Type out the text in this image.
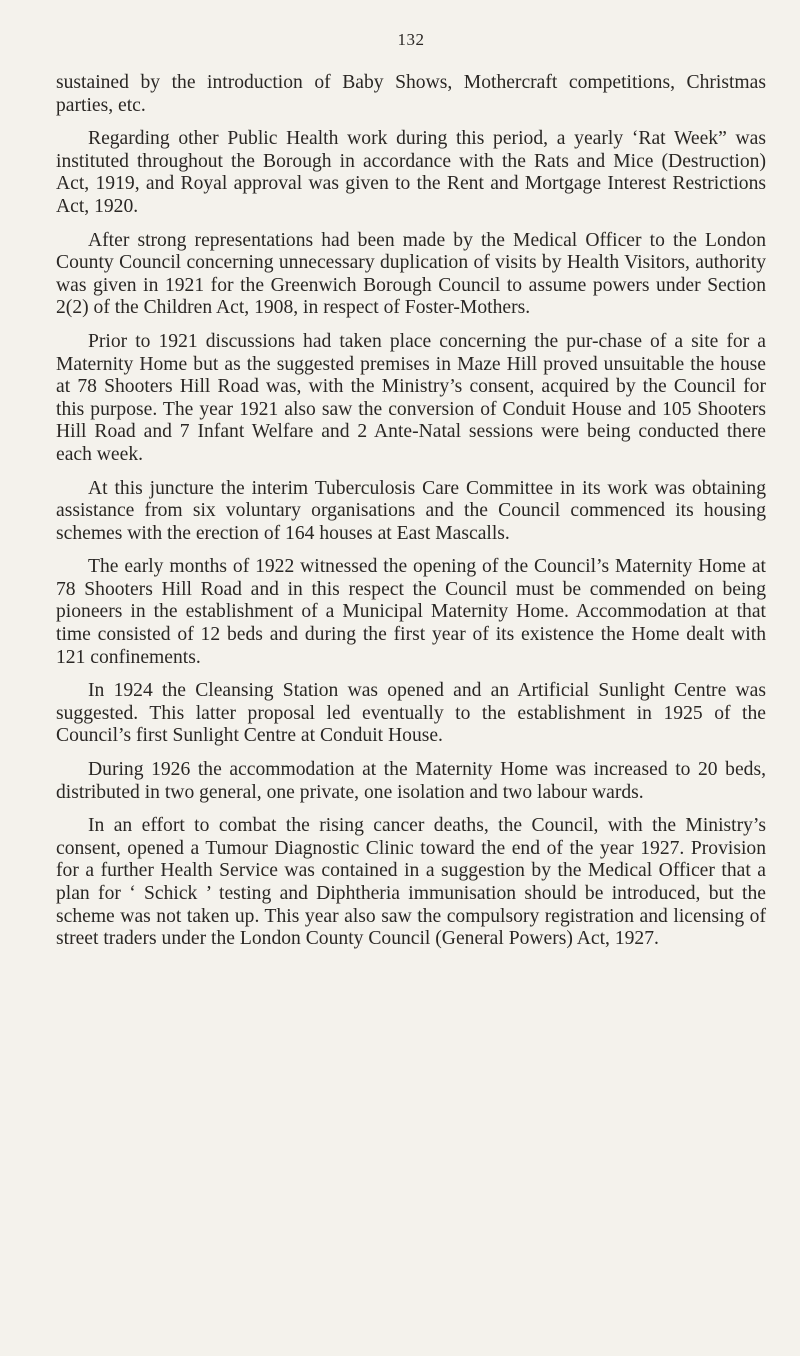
132

sustained by the introduction of Baby Shows, Mothercraft competitions, Christmas parties, etc.

Regarding other Public Health work during this period, a yearly ‘Rat Week” was instituted throughout the Borough in accordance with the Rats and Mice (Destruction) Act, 1919, and Royal approval was given to the Rent and Mortgage Interest Restrictions Act, 1920.

After strong representations had been made by the Medical Officer to the London County Council concerning unnecessary duplication of visits by Health Visitors, authority was given in 1921 for the Greenwich Borough Council to assume powers under Section 2(2) of the Children Act, 1908, in respect of Foster-Mothers.

Prior to 1921 discussions had taken place concerning the pur-chase of a site for a Maternity Home but as the suggested premises in Maze Hill proved unsuitable the house at 78 Shooters Hill Road was, with the Ministry’s consent, acquired by the Council for this purpose. The year 1921 also saw the conversion of Conduit House and 105 Shooters Hill Road and 7 Infant Welfare and 2 Ante-Natal sessions were being conducted there each week.

At this juncture the interim Tuberculosis Care Committee in its work was obtaining assistance from six voluntary organisations and the Council commenced its housing schemes with the erection of 164 houses at East Mascalls.

The early months of 1922 witnessed the opening of the Council’s Maternity Home at 78 Shooters Hill Road and in this respect the Council must be commended on being pioneers in the establishment of a Municipal Maternity Home. Accommodation at that time consisted of 12 beds and during the first year of its existence the Home dealt with 121 confinements.

In 1924 the Cleansing Station was opened and an Artificial Sunlight Centre was suggested. This latter proposal led eventually to the establishment in 1925 of the Council’s first Sunlight Centre at Conduit House.

During 1926 the accommodation at the Maternity Home was increased to 20 beds, distributed in two general, one private, one isolation and two labour wards.

In an effort to combat the rising cancer deaths, the Council, with the Ministry’s consent, opened a Tumour Diagnostic Clinic toward the end of the year 1927. Provision for a further Health Service was contained in a suggestion by the Medical Officer that a plan for ‘ Schick ’ testing and Diphtheria immunisation should be introduced, but the scheme was not taken up. This year also saw the compulsory registration and licensing of street traders under the London County Council (General Powers) Act, 1927.
